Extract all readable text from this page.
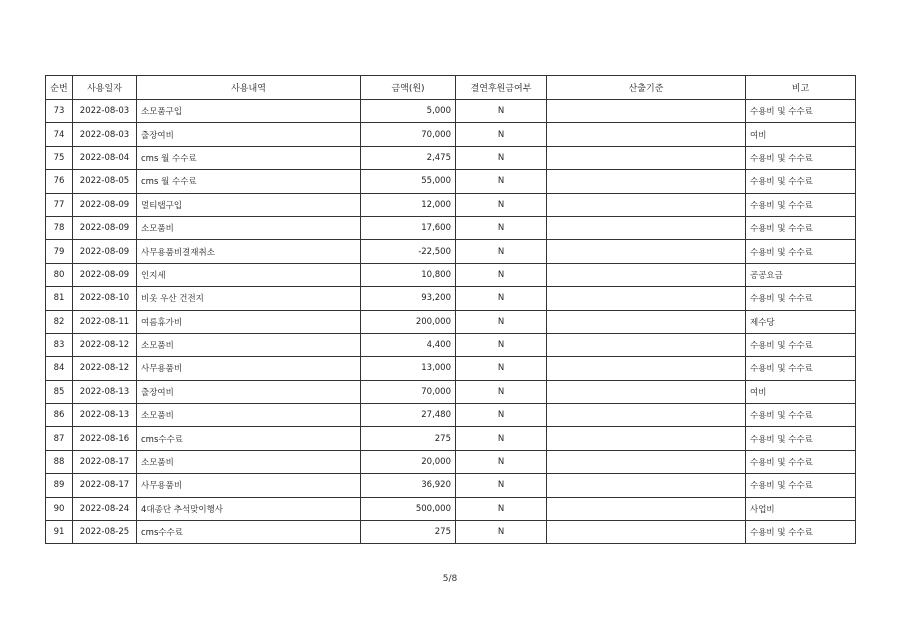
순번	사용일자	사용내역	금액(원)	결연후원금여부	산출기준	비고
73	2022-08-03	소모품구입	5,000	N		수용비 및 수수료
74	2022-08-03	출장여비	70,000	N		여비
75	2022-08-04	cms 월 수수료	2,475	N		수용비 및 수수료
76	2022-08-05	cms 월 수수료	55,000	N		수용비 및 수수료
77	2022-08-09	멀티탭구입	12,000	N		수용비 및 수수료
78	2022-08-09	소모품비	17,600	N		수용비 및 수수료
79	2022-08-09	사무용품비결재취소	-22,500	N		수용비 및 수수료
80	2022-08-09	인지세	10,800	N		공공요금
81	2022-08-10	비옷 우산 건전지	93,200	N		수용비 및 수수료
82	2022-08-11	여름휴가비	200,000	N		제수당
83	2022-08-12	소모품비	4,400	N		수용비 및 수수료
84	2022-08-12	사무용품비	13,000	N		수용비 및 수수료
85	2022-08-13	출장여비	70,000	N		여비
86	2022-08-13	소모품비	27,480	N		수용비 및 수수료
87	2022-08-16	cms수수료	275	N		수용비 및 수수료
88	2022-08-17	소모품비	20,000	N		수용비 및 수수료
89	2022-08-17	사무용품비	36,920	N		수용비 및 수수료
90	2022-08-24	4대종단 추석맞이행사	500,000	N		사업비
91	2022-08-25	cms수수료	275	N		수용비 및 수수료
5/8
